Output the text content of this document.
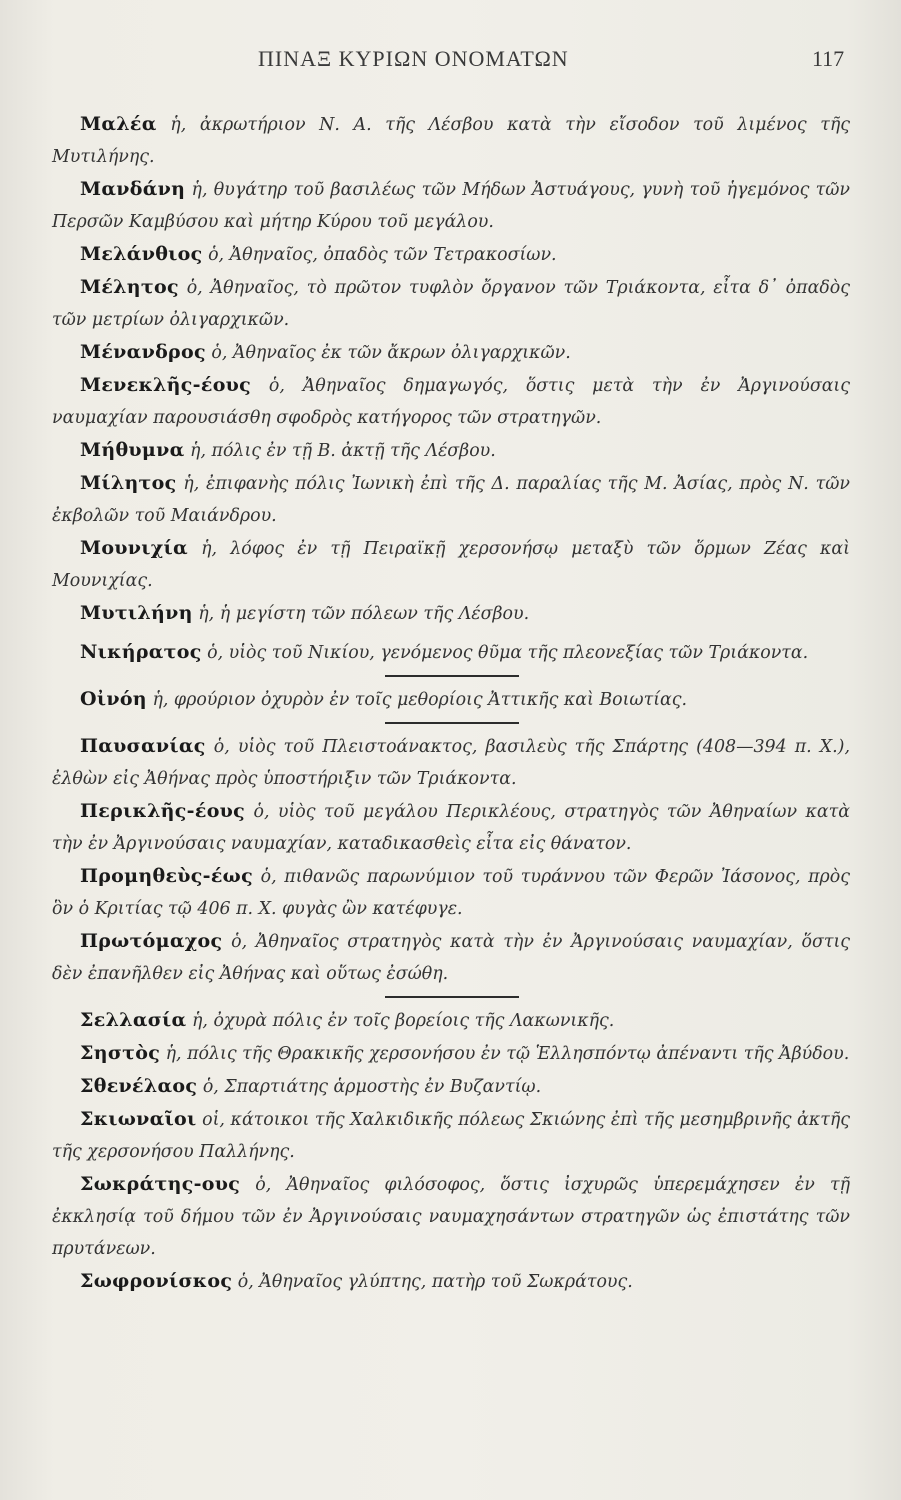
ΠΙΝΑΞ ΚΥΡΙΩΝ ΟΝΟΜΑΤΩΝ	117

Μαλέα ἡ, ἀκρωτήριον Ν. Α. τῆς Λέσβου κατὰ τὴν εἴσοδον τοῦ λιμένος τῆς Μυτιλήνης.

Μανδάνη ἡ, θυγάτηρ τοῦ βασιλέως τῶν Μήδων Ἀστυάγους, γυνὴ τοῦ ἡγεμόνος τῶν Περσῶν Καμβύσου καὶ μήτηρ Κύρου τοῦ μεγάλου.

Μελάνθιος ὁ, Ἀθηναῖος, ὀπαδὸς τῶν Τετρακοσίων.

Μέλητος ὁ, Ἀθηναῖος, τὸ πρῶτον τυφλὸν ὄργανον τῶν Τριάκοντα, εἶτα δ᾽ ὀπαδὸς τῶν μετρίων ὀλιγαρχικῶν.

Μένανδρος ὁ, Ἀθηναῖος ἐκ τῶν ἄκρων ὀλιγαρχικῶν.

Μενεκλῆς-έους ὁ, Ἀθηναῖος δημαγωγός, ὅστις μετὰ τὴν ἐν Ἀργινούσαις ναυμαχίαν παρουσιάσθη σφοδρὸς κατήγορος τῶν στρατηγῶν.

Μήθυμνα ἡ, πόλις ἐν τῇ Β. ἀκτῇ τῆς Λέσβου.

Μίλητος ἡ, ἐπιφανὴς πόλις Ἰωνικὴ ἐπὶ τῆς Δ. παραλίας τῆς Μ. Ἀσίας, πρὸς Ν. τῶν ἐκβολῶν τοῦ Μαιάνδρου.

Μουνιχία ἡ, λόφος ἐν τῇ Πειραϊκῇ χερσονήσῳ μεταξὺ τῶν ὅρμων Ζέας καὶ Μουνιχίας.

Μυτιλήνη ἡ, ἡ μεγίστη τῶν πόλεων τῆς Λέσβου.

Νικήρατος ὁ, υἱὸς τοῦ Νικίου, γενόμενος θῦμα τῆς πλεονεξίας τῶν Τριάκοντα.

Οἰνόη ἡ, φρούριον ὀχυρὸν ἐν τοῖς μεθορίοις Ἀττικῆς καὶ Βοιωτίας.

Παυσανίας ὁ, υἱὸς τοῦ Πλειστοάνακτος, βασιλεὺς τῆς Σπάρτης (408—394 π. Χ.), ἐλθὼν εἰς Ἀθήνας πρὸς ὑποστήριξιν τῶν Τριάκοντα.

Περικλῆς-έους ὁ, υἱὸς τοῦ μεγάλου Περικλέους, στρατηγὸς τῶν Ἀθηναίων κατὰ τὴν ἐν Ἀργινούσαις ναυμαχίαν, καταδικασθεὶς εἶτα εἰς θάνατον.

Προμηθεὺς-έως ὁ, πιθανῶς παρωνύμιον τοῦ τυράννου τῶν Φερῶν Ἰάσονος, πρὸς ὃν ὁ Κριτίας τῷ 406 π. Χ. φυγὰς ὢν κατέφυγε.

Πρωτόμαχος ὁ, Ἀθηναῖος στρατηγὸς κατὰ τὴν ἐν Ἀργινούσαις ναυμαχίαν, ὅστις δὲν ἐπανῆλθεν εἰς Ἀθήνας καὶ οὕτως ἐσώθη.

Σελλασία ἡ, ὀχυρὰ πόλις ἐν τοῖς βορείοις τῆς Λακωνικῆς.

Σηστὸς ἡ, πόλις τῆς Θρακικῆς χερσονήσου ἐν τῷ Ἑλλησπόντῳ ἀπέναντι τῆς Ἀβύδου.

Σθενέλαος ὁ, Σπαρτιάτης ἁρμοστὴς ἐν Βυζαντίῳ.

Σκιωναῖοι οἱ, κάτοικοι τῆς Χαλκιδικῆς πόλεως Σκιώνης ἐπὶ τῆς μεσημβρινῆς ἀκτῆς τῆς χερσονήσου Παλλήνης.

Σωκράτης-ους ὁ, Ἀθηναῖος φιλόσοφος, ὅστις ἰσχυρῶς ὑπερεμάχησεν ἐν τῇ ἐκκλησίᾳ τοῦ δήμου τῶν ἐν Ἀργινούσαις ναυμαχησάντων στρατηγῶν ὡς ἐπιστάτης τῶν πρυτάνεων.

Σωφρονίσκος ὁ, Ἀθηναῖος γλύπτης, πατὴρ τοῦ Σωκράτους.
